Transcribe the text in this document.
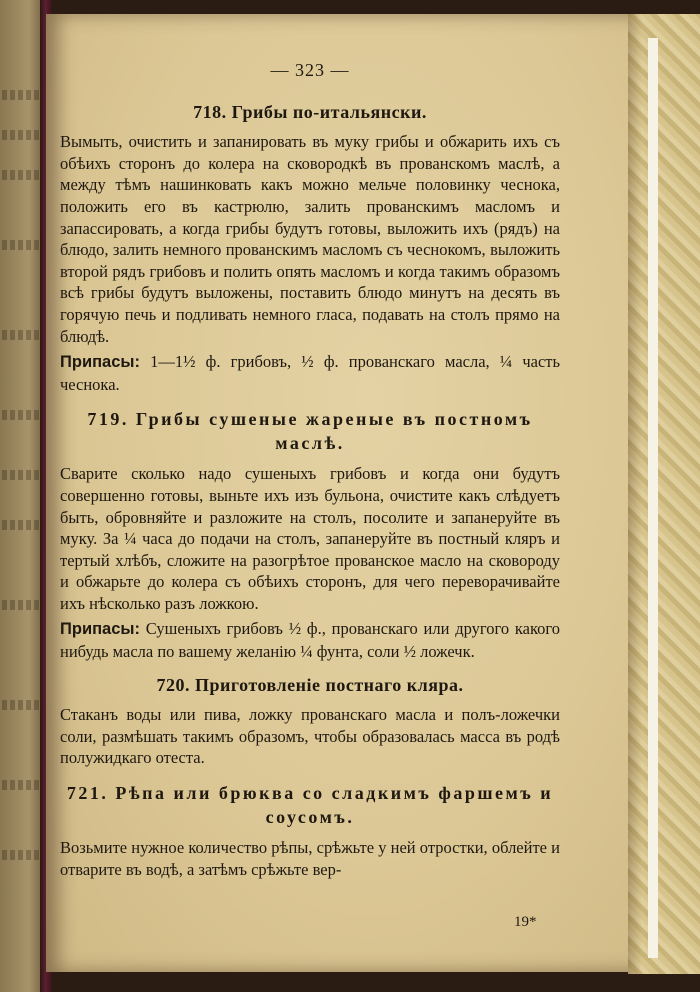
— 323 —
718. Грибы по-итальянски.

Вымыть, очистить и запанировать въ муку грибы и обжарить ихъ съ обѣихъ сторонъ до колера на сковородкѣ въ прованскомъ маслѣ, а между тѣмъ нашинковать какъ можно мельче половинку чеснока, положить его въ кастрюлю, залить прованскимъ масломъ и запассировать, а когда грибы будутъ готовы, выложить ихъ (рядъ) на блюдо, залить немного прованскимъ масломъ съ чеснокомъ, выложить второй рядъ грибовъ и полить опять масломъ и когда такимъ образомъ всѣ грибы будутъ выложены, поставить блюдо минутъ на десять въ горячую печь и подливать немного гласа, подавать на столъ прямо на блюдѣ.

Припасы: 1—1½ ф. грибовъ, ½ ф. прованскаго масла, ¼ часть чеснока.

719. Грибы сушеные жареные въ постномъ маслѣ.

Сварите сколько надо сушеныхъ грибовъ и когда они будутъ совершенно готовы, выньте ихъ изъ бульона, очистите какъ слѣдуетъ быть, обровняйте и разложите на столъ, посолите и запанеруйте въ муку. За ¼ часа до подачи на столъ, запанеруйте въ постный кляръ и тертый хлѣбъ, сложите на разогрѣтое прованское масло на сковороду и обжарьте до колера съ обѣихъ сторонъ, для чего переворачивайте ихъ нѣсколько разъ ложкою.

Припасы: Сушеныхъ грибовъ ½ ф., прованскаго или другого какого нибудь масла по вашему желанію ¼ фунта, соли ½ ложечк.

720. Приготовленіе постнаго кляра.

Стаканъ воды или пива, ложку прованскаго масла и полъ-ложечки соли, размѣшать такимъ образомъ, чтобы образовалась масса въ родѣ полужидкаго отеста.

721. Рѣпа или брюква со сладкимъ фаршемъ и соусомъ.

Возьмите нужное количество рѣпы, срѣжьте у ней отростки, облейте и отварите въ водѣ, а затѣмъ срѣжьте вер-

19*
